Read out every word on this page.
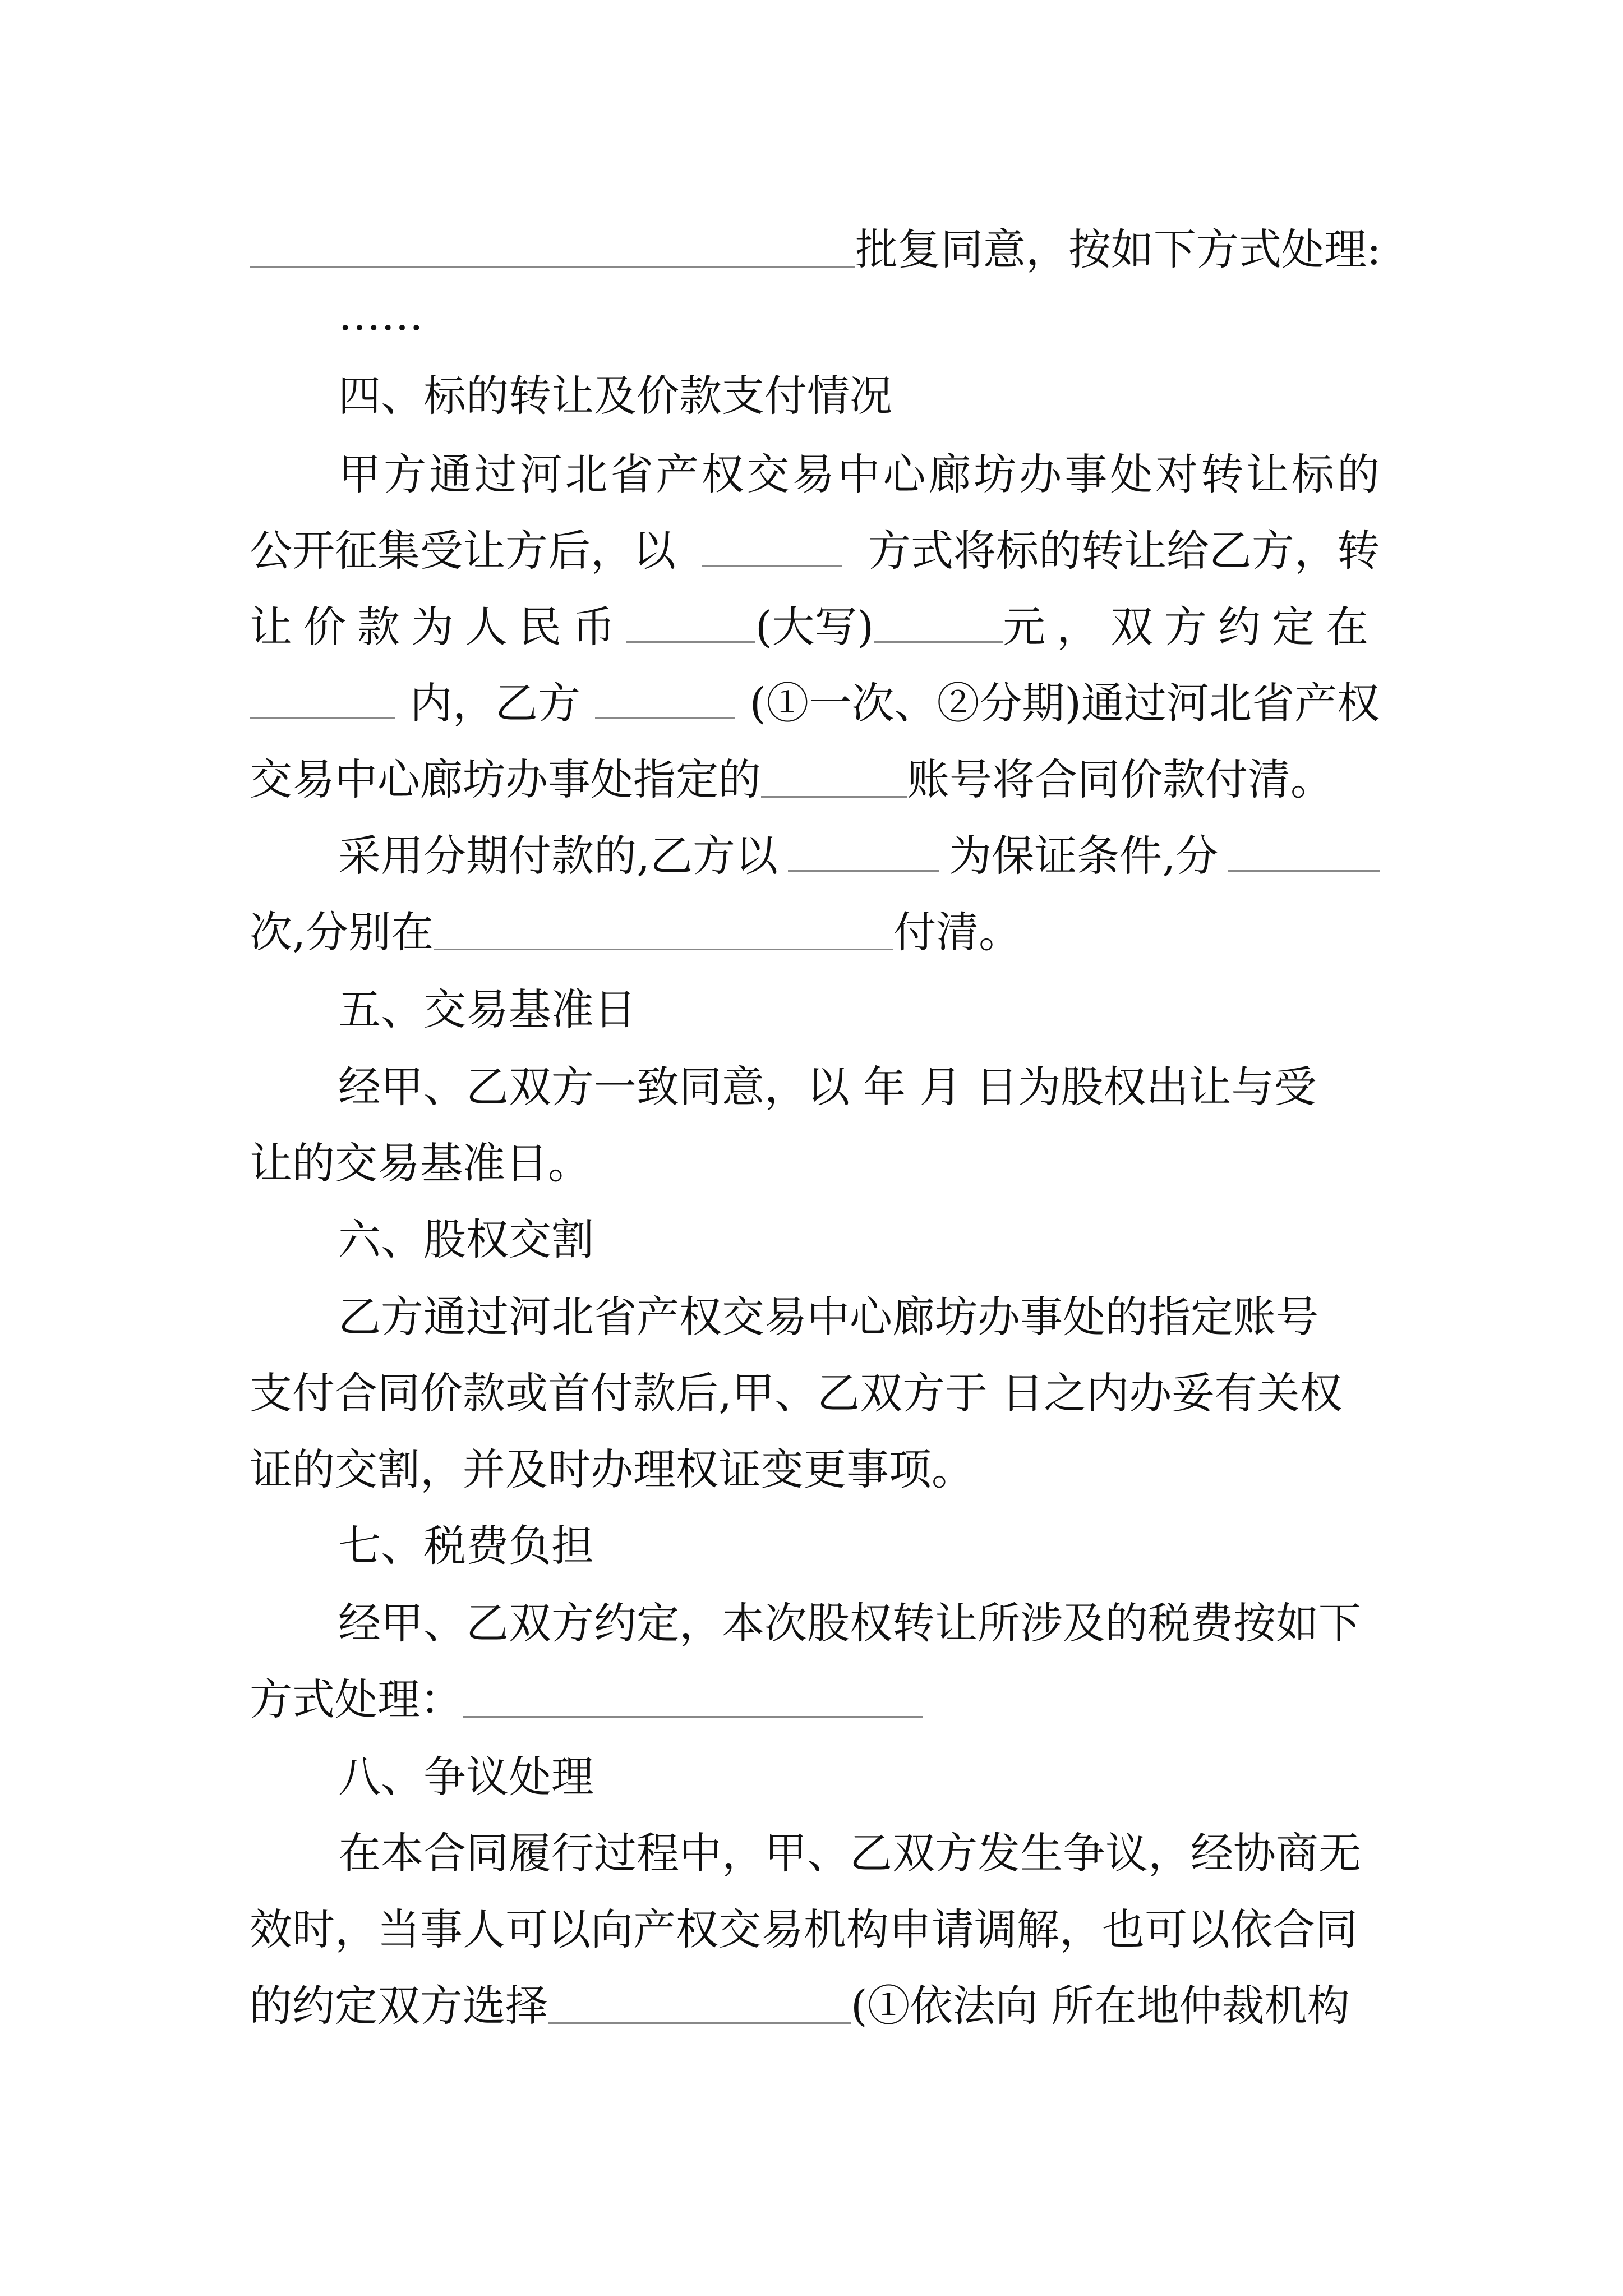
批复同意，按如下方式处理:
……
四、标的转让及价款支付情况
甲 方 通 过 河 北 省 产 权 交 易 中 心 廊 坊 办 事 处 对 转 让 标 的
公开征集受让方后，以	方式将标的转让给乙方，转
让价款为人民币	(大写)	元，双方约定在
内，乙方	(①一次、②分期)通过河北省产权
交易中心廊坊办事处指定的	账号将合同价款付清。
采用分期付款的,乙方以	为保证条件,分
次,分别在	付清。
五、交易基准日
经甲、乙双方一致同意，以 年 月 日为股权出让与受
让的交易基准日。
六、股权交割
乙方通过河北省产权交易中心廊坊办事处的指定账号
支付合同价款或首付款后,甲、乙双方于 日之内办妥有关权
证的交割，并及时办理权证变更事项。
七、税费负担
经甲、乙双方约定，本次股权转让所涉及的税费按如下
方式处理：
八、争议处理
在本合同履行过程中，甲、乙双方发生争议，经协商无
效时，当事人可以向产权交易机构申请调解，也可以依合同
的约定双方选择	(①依法向 所在地仲裁机构
